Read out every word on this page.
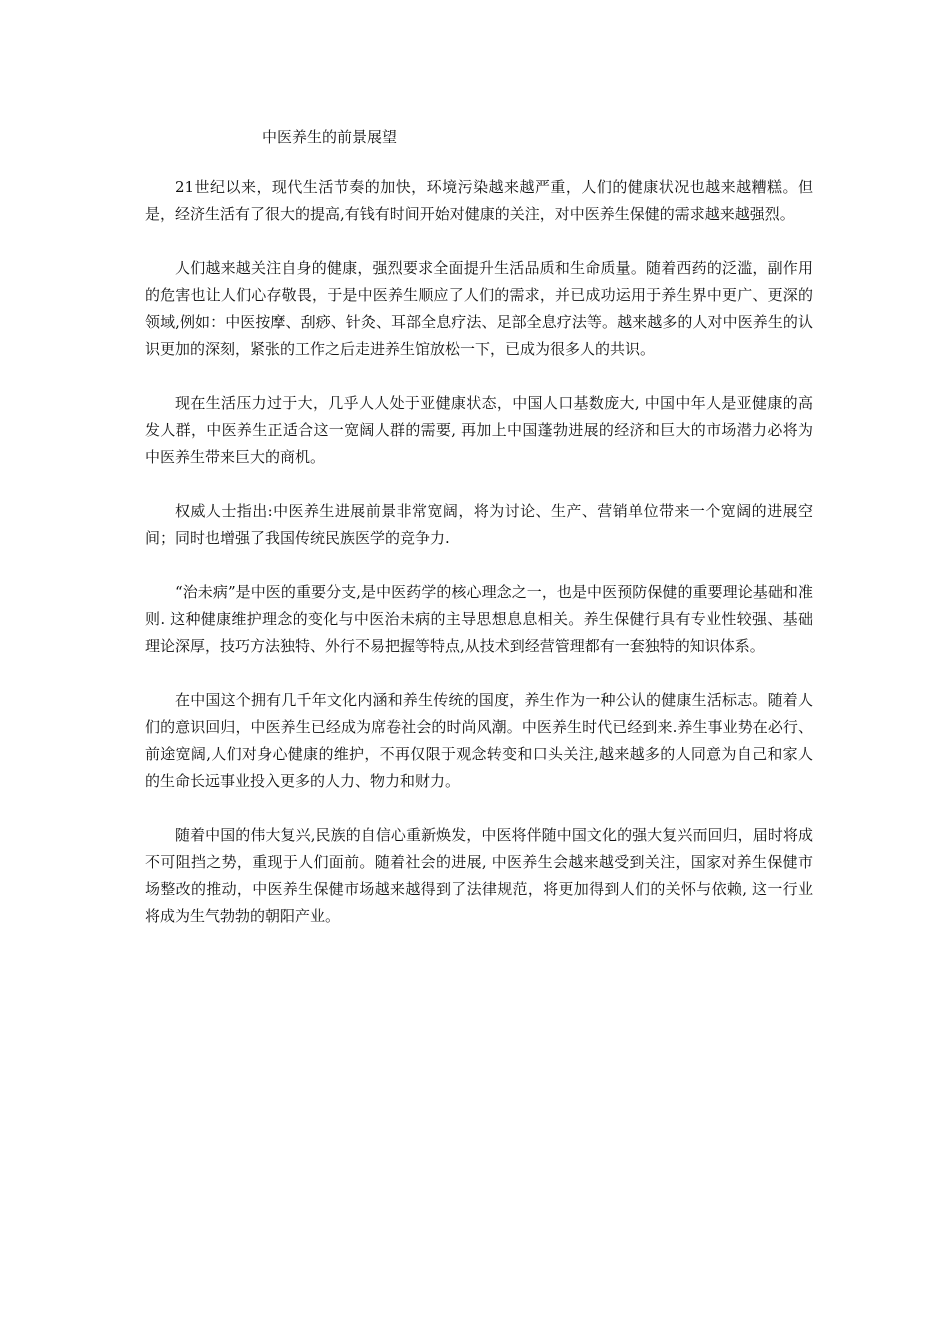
中医养生的前景展望

21世纪以来，现代生活节奏的加快，环境污染越来越严重，人们的健康状况也越来越糟糕。但是，经济生活有了很大的提高,有钱有时间开始对健康的关注，对中医养生保健的需求越来越强烈。

人们越来越关注自身的健康，强烈要求全面提升生活品质和生命质量。随着西药的泛滥，副作用的危害也让人们心存敬畏，于是中医养生顺应了人们的需求，并已成功运用于养生界中更广、更深的领域,例如：中医按摩、刮痧、针灸、耳部全息疗法、足部全息疗法等。越来越多的人对中医养生的认识更加的深刻，紧张的工作之后走进养生馆放松一下，已成为很多人的共识。

现在生活压力过于大，几乎人人处于亚健康状态，中国人口基数庞大, 中国中年人是亚健康的高发人群，中医养生正适合这一宽阔人群的需要, 再加上中国蓬勃进展的经济和巨大的市场潜力必将为中医养生带来巨大的商机。

权威人士指出:中医养生进展前景非常宽阔，将为讨论、生产、营销单位带来一个宽阔的进展空间；同时也增强了我国传统民族医学的竞争力.

“治未病”是中医的重要分支,是中医药学的核心理念之一，也是中医预防保健的重要理论基础和准则. 这种健康维护理念的变化与中医治未病的主导思想息息相关。养生保健行具有专业性较强、基础理论深厚，技巧方法独特、外行不易把握等特点,从技术到经营管理都有一套独特的知识体系。

在中国这个拥有几千年文化内涵和养生传统的国度，养生作为一种公认的健康生活标志。随着人们的意识回归，中医养生已经成为席卷社会的时尚风潮。中医养生时代已经到来.养生事业势在必行、前途宽阔,人们对身心健康的维护，不再仅限于观念转变和口头关注,越来越多的人同意为自己和家人的生命长远事业投入更多的人力、物力和财力。

随着中国的伟大复兴,民族的自信心重新焕发，中医将伴随中国文化的强大复兴而回归，届时将成不可阻挡之势，重现于人们面前。随着社会的进展, 中医养生会越来越受到关注，国家对养生保健市场整改的推动，中医养生保健市场越来越得到了法律规范，将更加得到人们的关怀与依赖, 这一行业将成为生气勃勃的朝阳产业。
